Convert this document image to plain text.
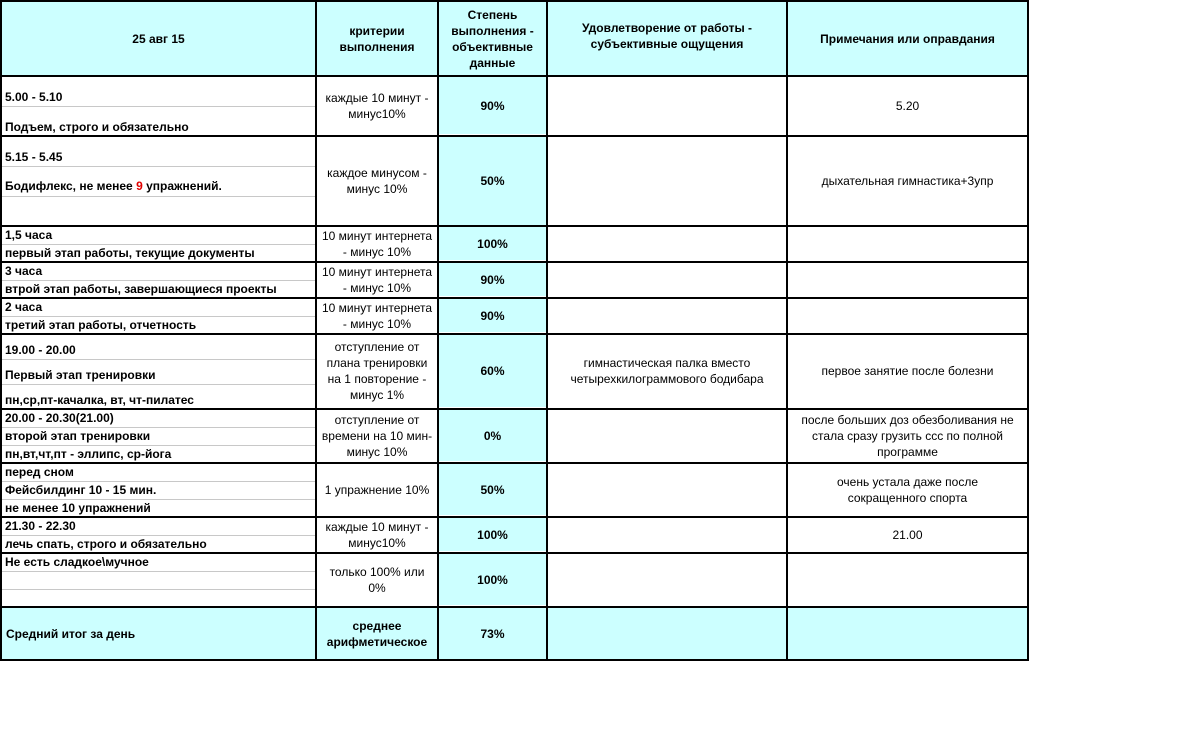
25 авг 15
критерии выполнения
Степень выполнения - объективные данные
Удовлетворение от работы - субъективные ощущения	Примечания или оправдания
90%
50%
100%
90%
90%
60%
0%
50%
100%
100%
Средний итог за день
среднее арифметическое
73%
каждые 10 минут - минус10%
каждое минусом - минус 10%
10 минут интернета - минус 10%
10 минут интернета - минус 10%
10 минут интернета - минус 10%
отступление от плана тренировки на 1 повторение - минус 1%
отступление от времени на 10 мин-минус 10%
1 упражнение 10%
каждые 10 минут - минус10%
только 100% или 0%
гимнастическая палка вместо четырехкилограммового бодибара
5.20
дыхательная гимнастика+3упр
первое занятие после болезни
после больших доз обезболивания не стала сразу грузить ссс по полной программе
очень устала даже после сокращенного спорта
21.00
5.00 - 5.10
Подъем, строго и обязательно
5.15 - 5.45
Бодифлекс, не менее 9 упражнений.
1,5 часа
первый этап работы, текущие документы
3 часа
втрой этап работы, завершающиеся проекты
2 часа
третий этап работы, отчетность
19.00 - 20.00
Первый этап тренировки
пн,ср,пт-качалка, вт, чт-пилатес
20.00 - 20.30(21.00)
второй этап тренировки
пн,вт,чт,пт - эллипс, ср-йога
перед сном
Фейсбилдинг 10 - 15 мин.
не менее 10 упражнений
21.30 - 22.30
лечь спать, строго и обязательно
Не есть сладкое\мучное
